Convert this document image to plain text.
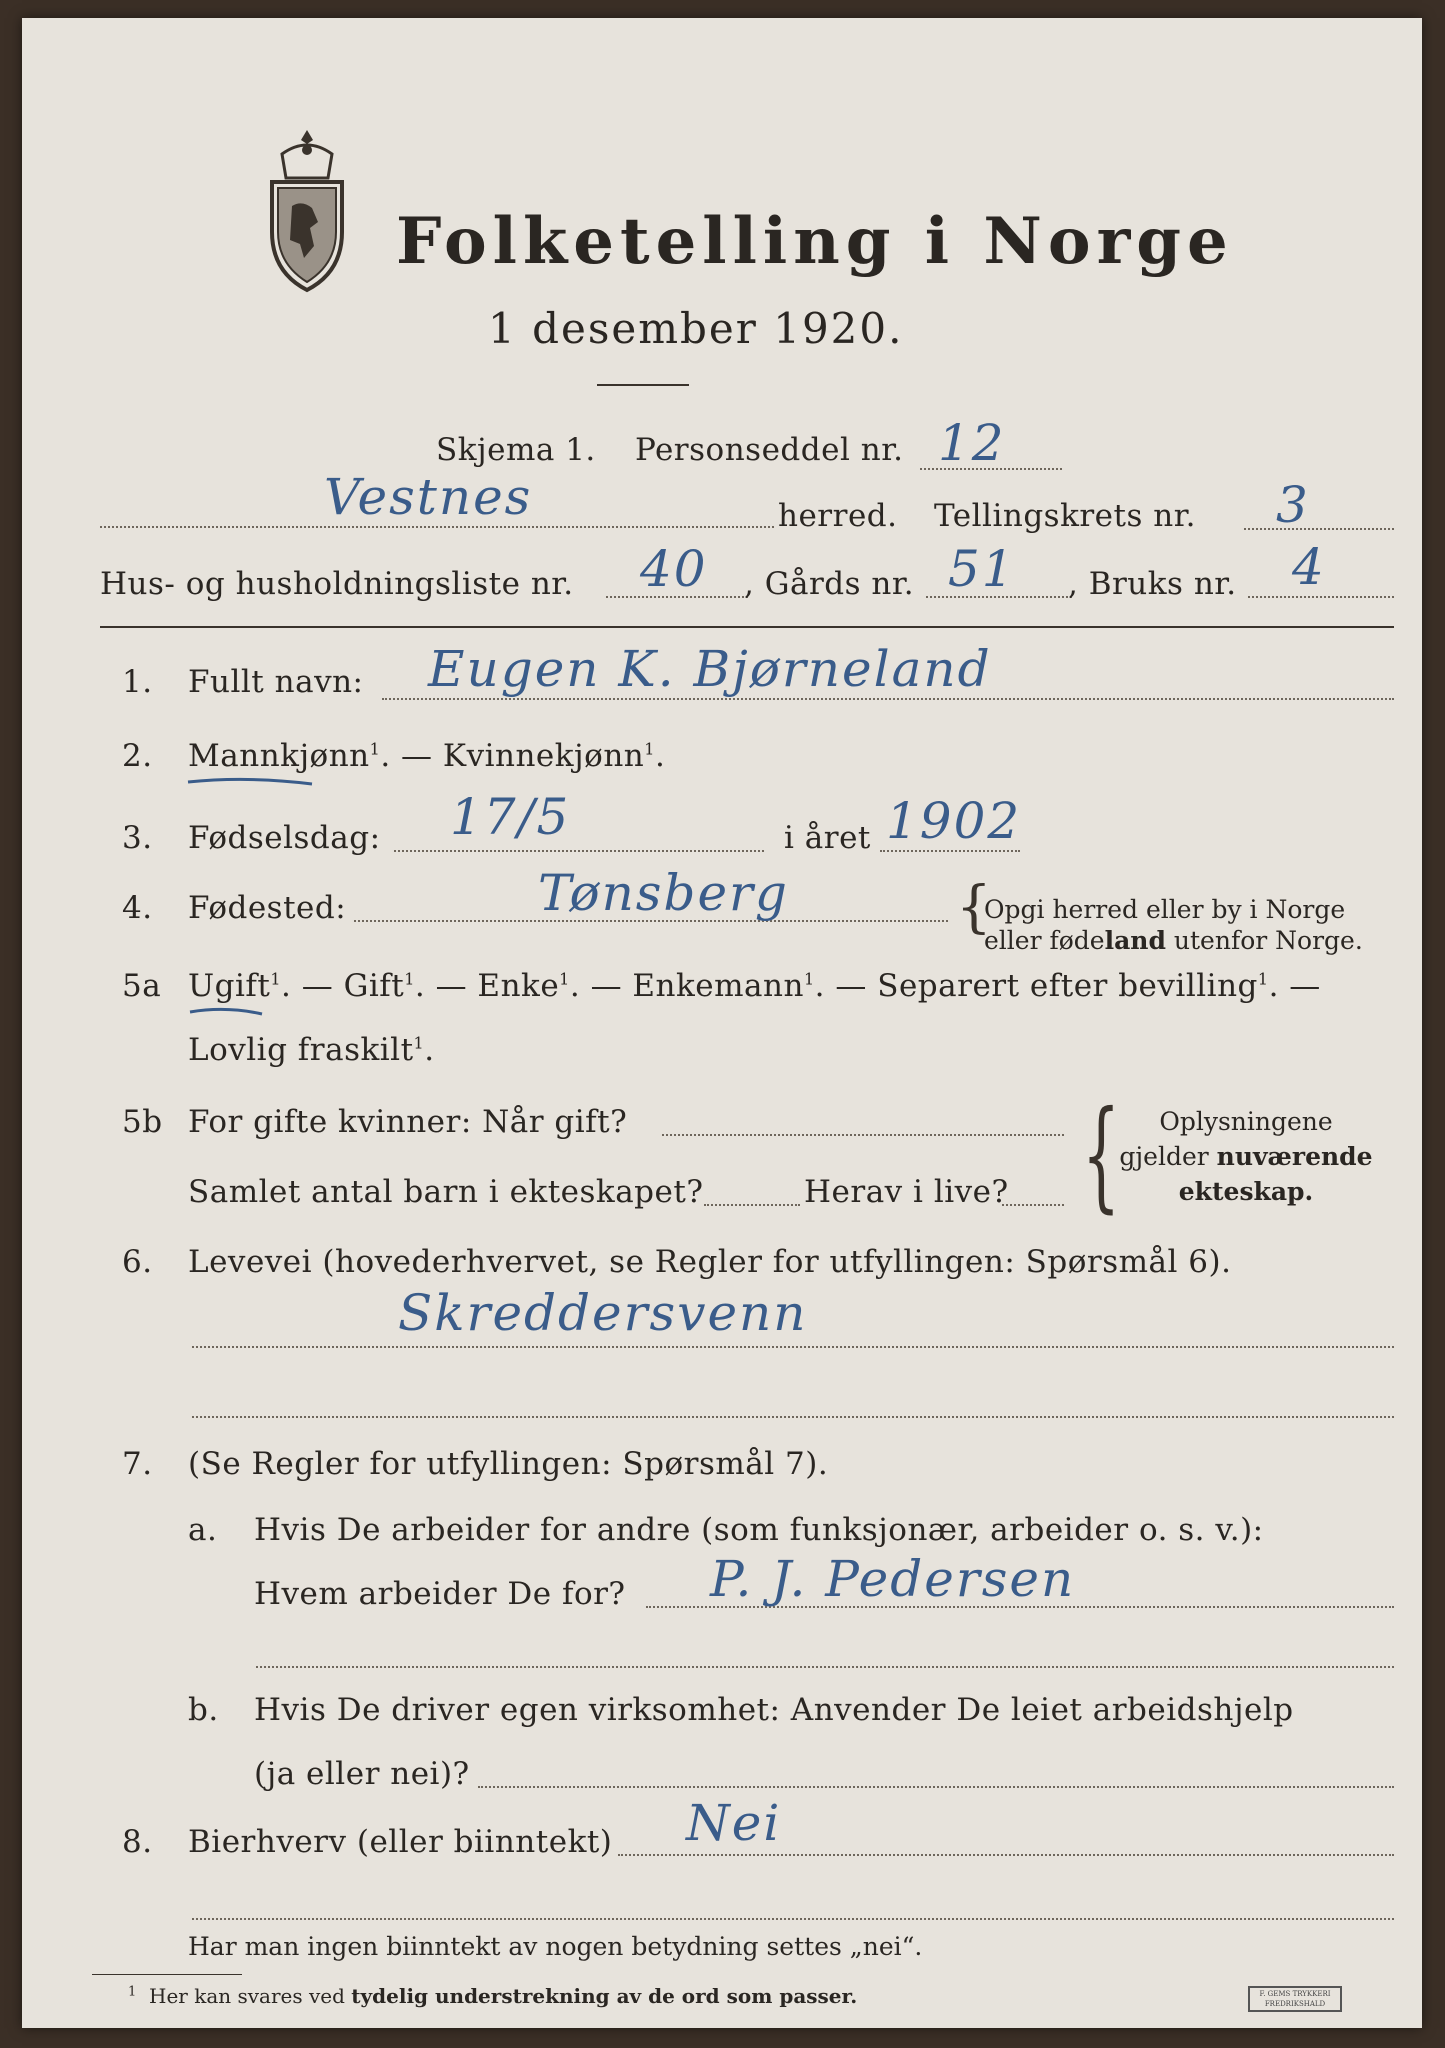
Folketelling i Norge
1 desember 1920.
Skjema 1. Personseddel nr. 12
Vestnes	herred. Tellingskrets nr. 3
Hus- og husholdningsliste nr. 40 , Gårds nr. 51 , Bruks nr. 4
1. Fullt navn: Eugen K. Bjørneland
2. Mannkjønn$^1$. — Kvinnekjønn$^1$.
3. Fødselsdag: 17/5	i året 1902
4. Fødested:	Tønsberg	{
Opgi herred eller by i Norge
eller fødeland utenfor Norge.
5a Ugift$^1$. — Gift$^1$. — Enke$^1$. — Enkemann$^1$. — Separert efter bevilling$^1$. —
Lovlig fraskilt$^1$.
5b For gifte kvinner: Når gift?
Samlet antal barn i ekteskapet?	Herav i live? {	Oplysningene
gjelder nuværende
ekteskap.
6. Levevei (hovederhvervet, se Regler for utfyllingen: Spørsmål 6).
Skreddersvenn
7. (Se Regler for utfyllingen: Spørsmål 7).
a. Hvis De arbeider for andre (som funksjonær, arbeider o. s. v.):
Hvem arbeider De for? P. J. Pedersen
b. Hvis De driver egen virksomhet: Anvender De leiet arbeidshjelp
(ja eller nei)?
8. Bierhverv (eller biinntekt) Nei
Har man ingen biinntekt av nogen betydning settes „nei“.
$^1$ Her kan svares ved tydelig understrekning av de ord som passer.	F. GEMS TRYKKERI FREDRIKSHALD
